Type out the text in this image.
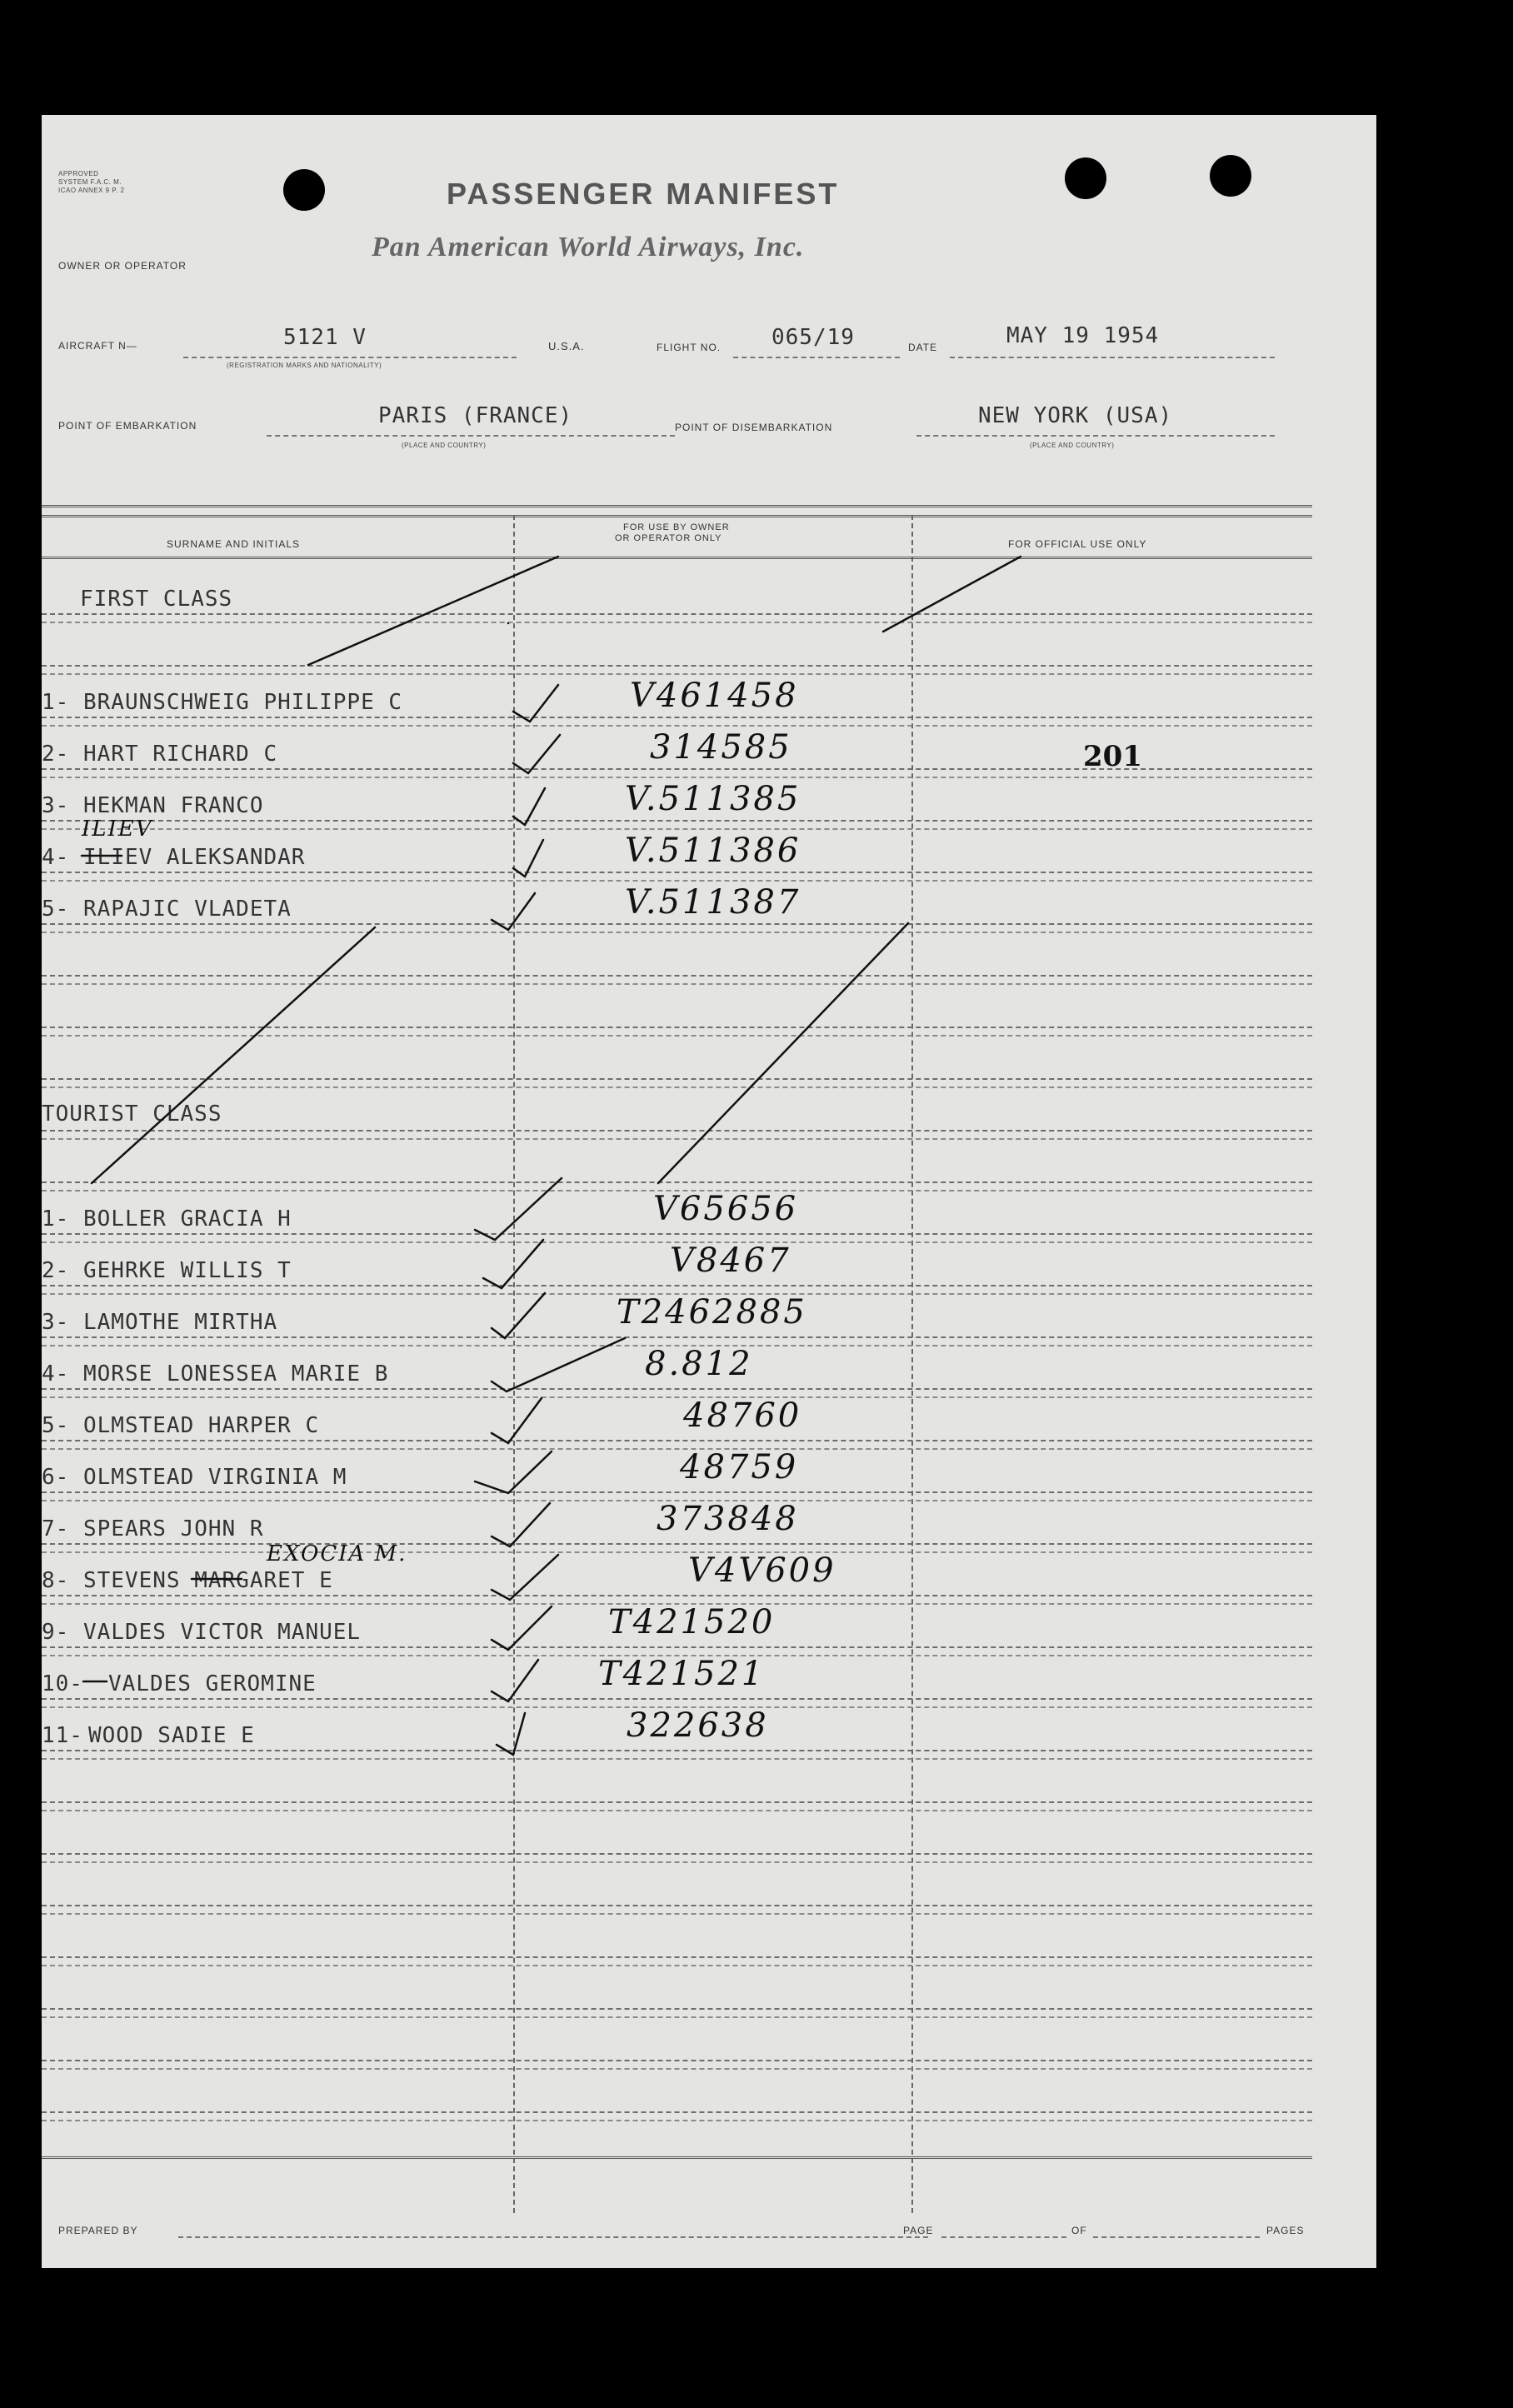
APPROVED
SYSTEM F.A.C. M.
ICAO ANNEX 9 P. 2	PASSENGER MANIFEST
Pan American World Airways, Inc.
OWNER OR OPERATOR
AIRCRAFT N—	5121 V
(REGISTRATION MARKS AND NATIONALITY)
U.S.A.	FLIGHT NO. 065/19	DATE	MAY 19 1954
POINT OF EMBARKATION	PARIS (FRANCE)
(PLACE AND COUNTRY)
POINT OF DISEMBARKATION	NEW YORK (USA)
(PLACE AND COUNTRY)
SURNAME AND INITIALS
FOR USE BY OWNER
OR OPERATOR ONLY	FOR OFFICIAL USE ONLY
FIRST CLASS
1- BRAUNSCHWEIG PHILIPPE C	V461458
2- HART RICHARD C	314585
3- HEKMAN FRANCO	V.511385
ILIEV
4- ILIEV ALEKSANDAR	V.511386
5- RAPAJIC VLADETA	V.511387
201
TOURIST CLASS
1- BOLLER GRACIA H	V65656
2- GEHRKE WILLIS T	V8467
3- LAMOTHE MIRTHA	T2462885
4- MORSE LONESSEA MARIE B	8.812
5- OLMSTEAD HARPER C	48760
6- OLMSTEAD VIRGINIA M	48759
7- SPEARS JOHN R	373848
EXOCIA M.
8- STEVENS MARGARET E	V4V609
9- VALDES VICTOR MANUEL	T421520
10- VALDES GEROMINE	T421521
11- WOOD SADIE E	322638
PREPARED BY	PAGE	OF	PAGES
